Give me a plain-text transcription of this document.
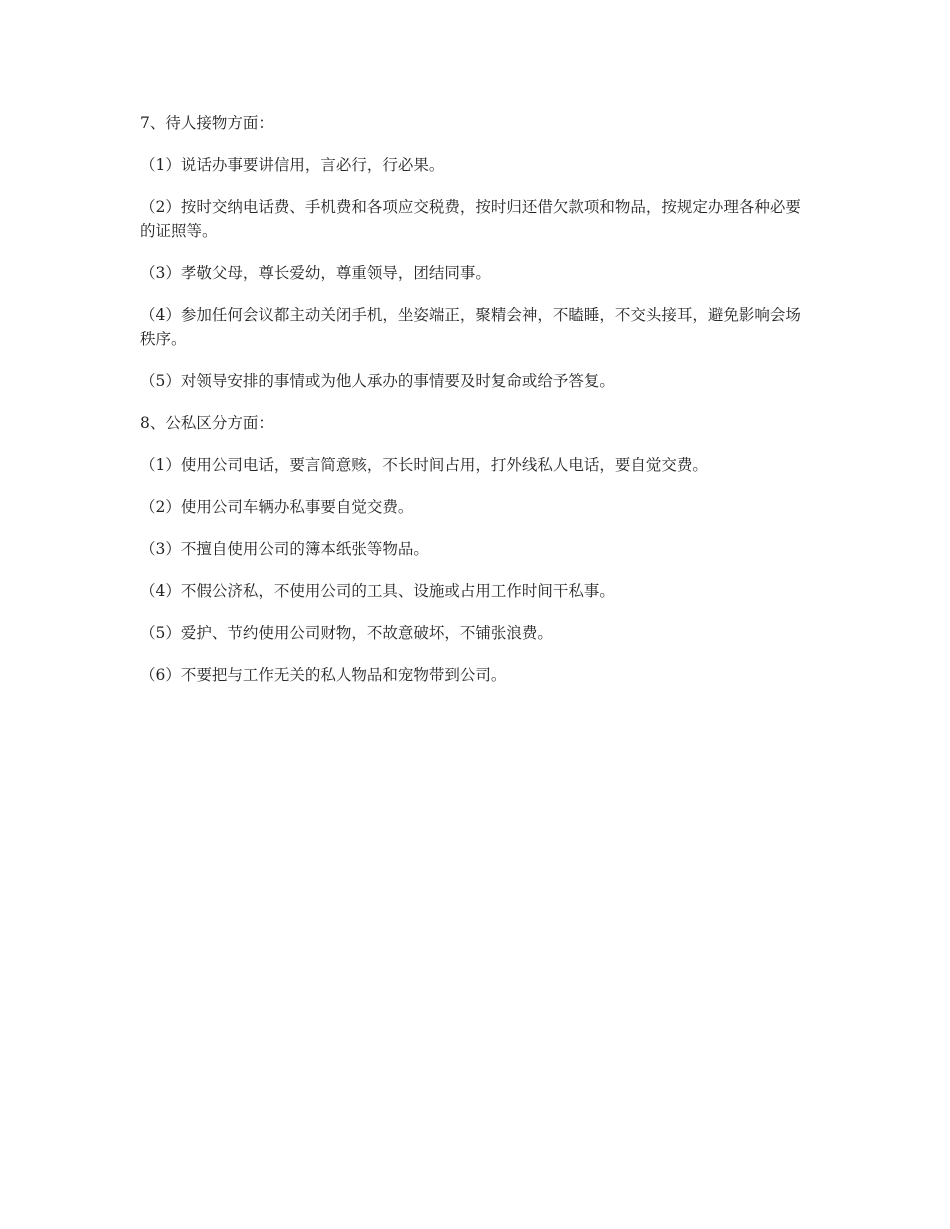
7、待人接物方面：

（1）说话办事要讲信用，言必行，行必果。

（2）按时交纳电话费、手机费和各项应交税费，按时归还借欠款项和物品，按规定办理各种必要的证照等。

（3）孝敬父母，尊长爱幼，尊重领导，团结同事。

（4）参加任何会议都主动关闭手机，坐姿端正，聚精会神，不瞌睡，不交头接耳，避免影响会场秩序。

（5）对领导安排的事情或为他人承办的事情要及时复命或给予答复。

8、公私区分方面：

（1）使用公司电话，要言简意赅，不长时间占用，打外线私人电话，要自觉交费。

（2）使用公司车辆办私事要自觉交费。

（3）不擅自使用公司的簿本纸张等物品。

（4）不假公济私，不使用公司的工具、设施或占用工作时间干私事。

（5）爱护、节约使用公司财物，不故意破坏，不铺张浪费。

（6）不要把与工作无关的私人物品和宠物带到公司。
